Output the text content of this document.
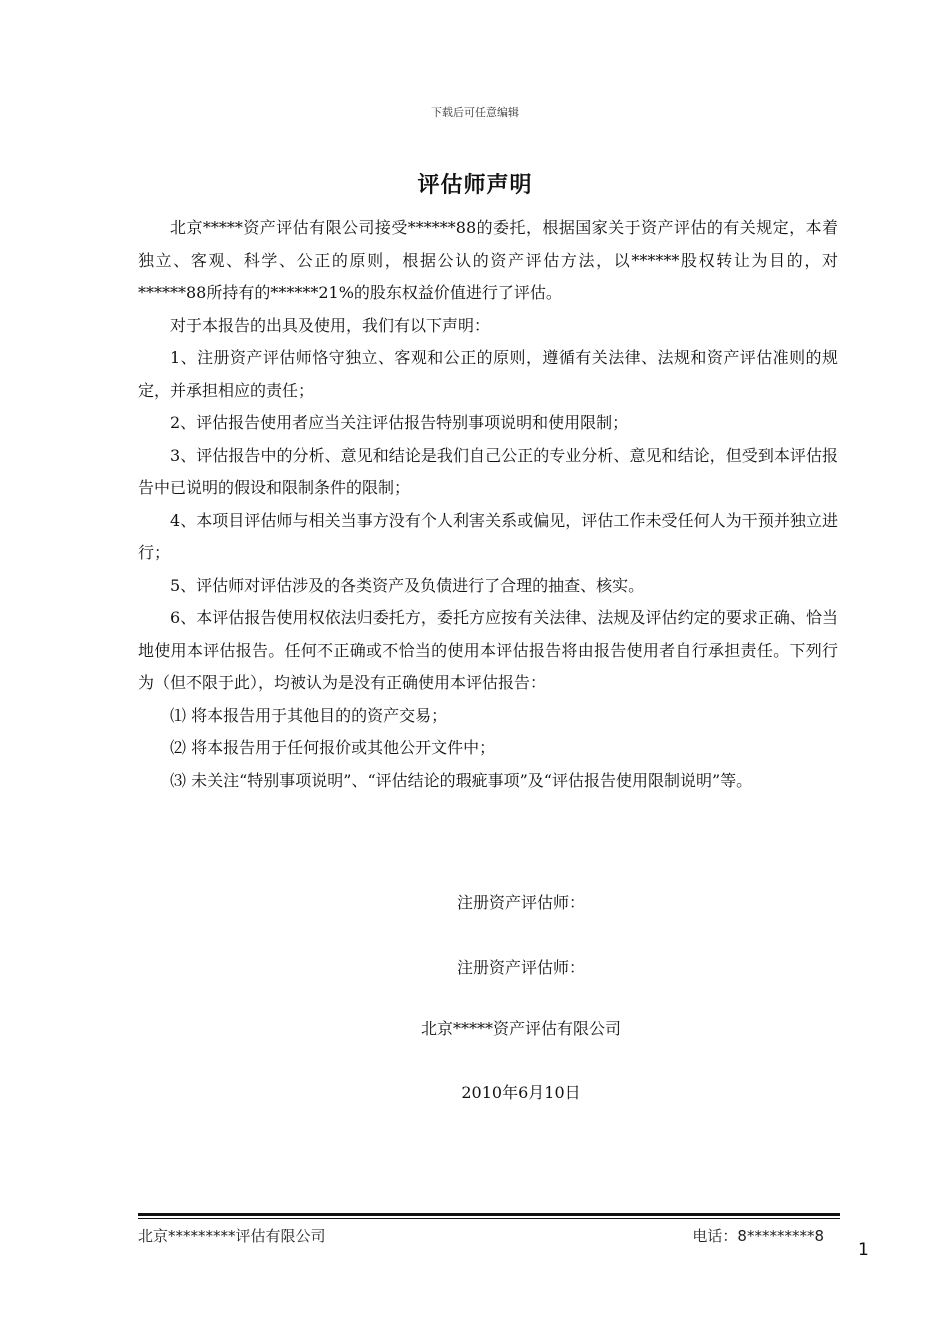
下载后可任意编辑
评估师声明

北京*****资产评估有限公司接受******88的委托，根据国家关于资产评估的有关规定，本着独立、客观、科学、公正的原则，根据公认的资产评估方法，以******股权转让为目的，对******88所持有的******21%的股东权益价值进行了评估。

对于本报告的出具及使用，我们有以下声明：

1、注册资产评估师恪守独立、客观和公正的原则，遵循有关法律、法规和资产评估准则的规定，并承担相应的责任；

2、评估报告使用者应当关注评估报告特别事项说明和使用限制；

3、评估报告中的分析、意见和结论是我们自己公正的专业分析、意见和结论，但受到本评估报告中已说明的假设和限制条件的限制；

4、本项目评估师与相关当事方没有个人利害关系或偏见，评估工作未受任何人为干预并独立进行；

5、评估师对评估涉及的各类资产及负债进行了合理的抽查、核实。

6、本评估报告使用权依法归委托方，委托方应按有关法律、法规及评估约定的要求正确、恰当地使用本评估报告。任何不正确或不恰当的使用本评估报告将由报告使用者自行承担责任。下列行为（但不限于此），均被认为是没有正确使用本评估报告：

⑴ 将本报告用于其他目的的资产交易；

⑵ 将本报告用于任何报价或其他公开文件中；

⑶ 未关注“特别事项说明”、“评估结论的瑕疵事项”及“评估报告使用限制说明”等。

注册资产评估师：
注册资产评估师：
北京*****资产评估有限公司
2010年6月10日
北京*********评估有限公司	电话：8*********8
1
